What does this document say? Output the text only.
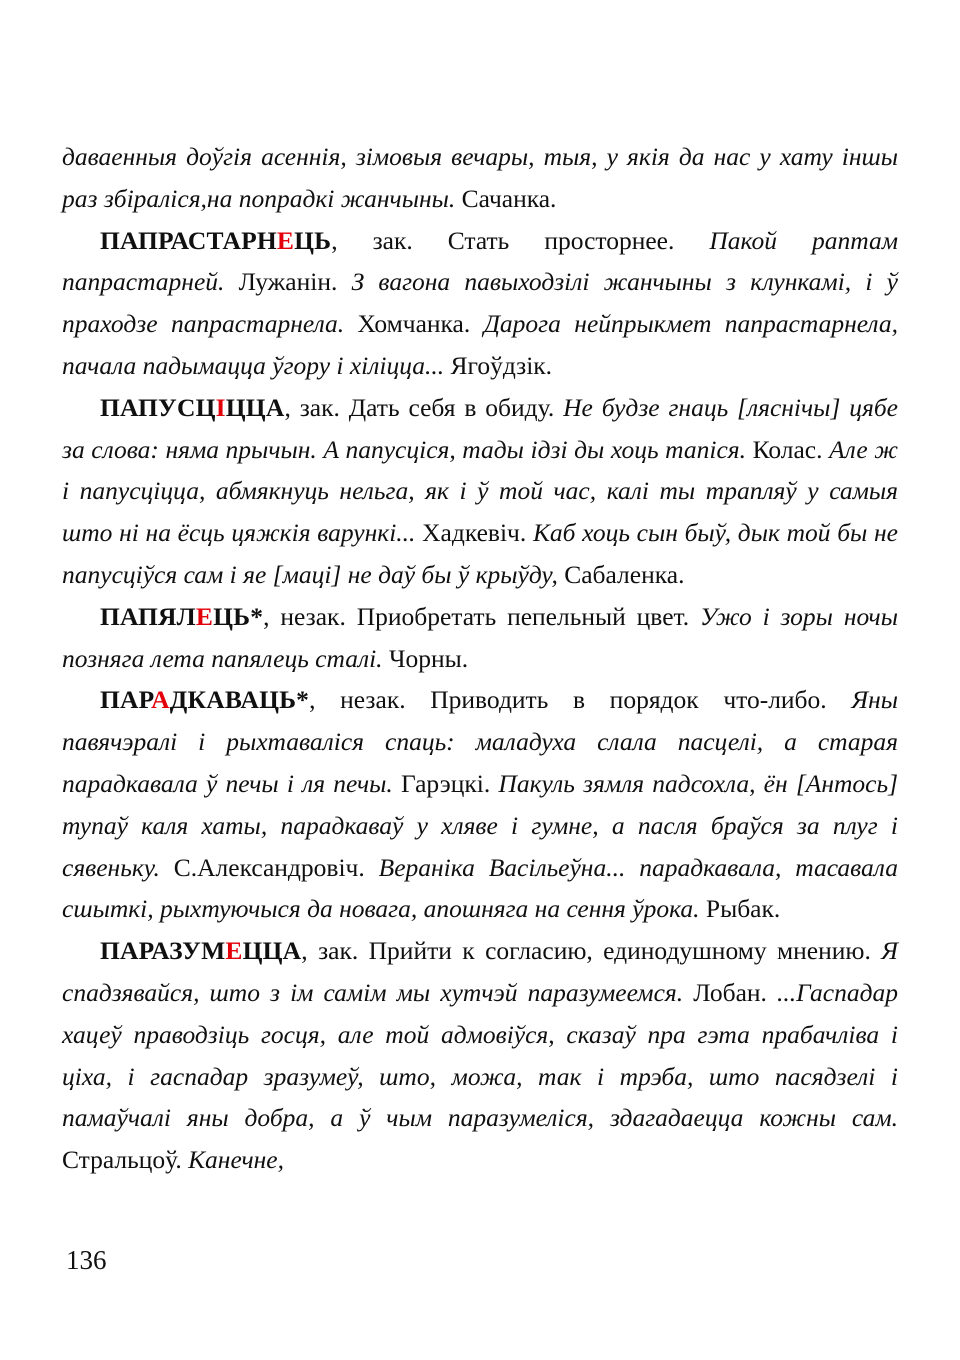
даваенныя доўгія асеннія, зімовыя вечары, тыя, у якія да нас у хату іншы раз збіраліся,на попрадкі жанчыны. Сачанка.

ПАПРАСТАРНЕЦЬ, зак. Стать просторнее. Пакой раптам папрастарней. Лужанін. З вагона павыходзілі жанчыны з клункамі, і ў праходзе папрастарнела. Хомчанка. Дарога нейпрыкмет папрастарнела, пачала падымацца ўгору і хіліцца... Ягоўдзік.

ПАПУСЦІЦЦА, зак. Дать себя в обиду. Не будзе гнаць [ляснічы] цябе за слова: няма прычын. А папусціся, тады ідзі ды хоць тапіся. Колас. Але ж і папусціцца, абмякнуць нельга, як і ў той час, калі ты трапляў у самыя што ні на ёсць цяжкія варункі... Хадкевіч. Каб хоць сын быў, дык той бы не папусціўся сам і яе [маці] не даў бы ў крыўду, Сабаленка.

ПАПЯЛЕЦЬ*, незак. Приобретать пепельный цвет. Ужо і зоры ночы позняга лета папялець сталі. Чорны.

ПАРАДКАВАЦЬ*, незак. Приводить в порядок что-либо. Яны павячэралі і рыхтаваліся спаць: маладуха слала пасцелі, а старая парадкавала ў печы і ля печы. Гарэцкі. Пакуль зямля падсохла, ён [Антось] тупаў каля хаты, парадкаваў у хляве і гумне, а пасля браўся за плуг і сявеньку. С.Александровіч. Вераніка Васільеўна... парадкавала, тасавала сшыткі, рыхтуючыся да новага, апошняга на сення ўрока. Рыбак.

ПАРАЗУМЕЦЦА, зак. Прийти к согласию, единодушному мнению. Я спадзявайся, што з ім самім мы хутчэй паразумеемся. Лобан. ...Гаспадар хацеў праводзіць госця, але той адмовіўся, сказаў пра гэта прабачліва і ціха, і гаспадар зразумеў, што, можа, так і трэба, што пасядзелі і памаўчалі яны добра, а ў чым паразумеліся, здагадаецца кожны сам. Стральцоў. Канечне,

136
